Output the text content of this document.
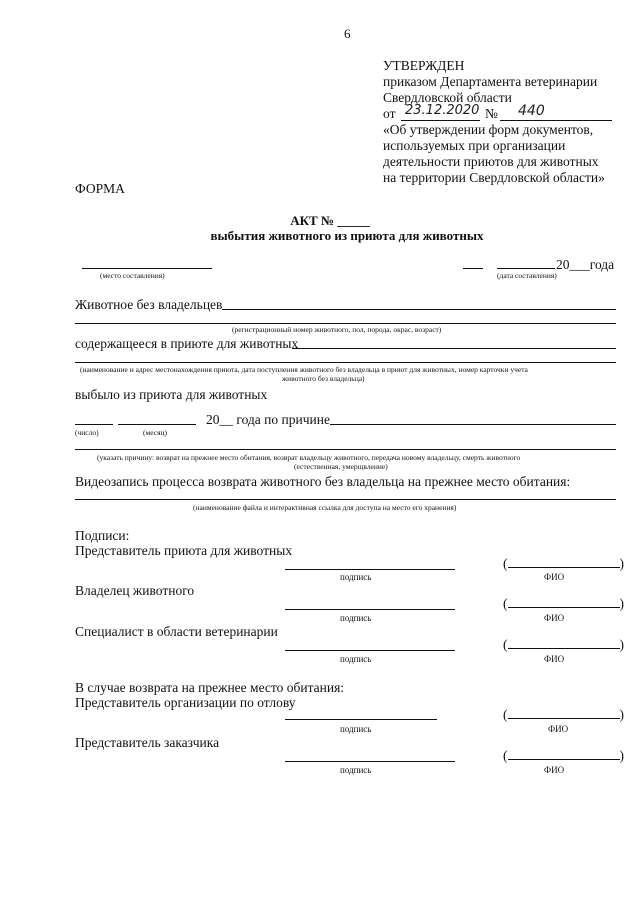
6
УТВЕРЖДЕН
приказом Департамента ветеринарии
Свердловской области
от 23.12.2020 № 440
«Об утверждении форм документов,
используемых при организации
деятельности приютов для животных
на территории Свердловской области»
ФОРМА
АКТ № _____
выбытия животного из приюта для животных
(место составления)
20___года
(дата составления)
Животное без владельцев
(регистрационный номер животного, пол, порода, окрас, возраст)
содержащееся в приюте для животных
(наименование и адрес местонахождения приюта, дата поступления животного без владельца в приют для животных, номер карточки учета
животного без владельца)
выбыло из приюта для животных
20__ года по причине
(число)	(месяц)
(указать причину: возврат на прежнее место обитания, возврат владельцу животного, передача новому владельцу, смерть животного
(естественная, умерщвление)
Видеозапись процесса возврата животного без владельца на прежнее место обитания:
(наименование файла и интерактивная ссылка для доступа на место его хранения)
Подписи:
Представитель приюта для животных
подпись
(	)
ФИО
Владелец животного
подпись
(	)
ФИО
Специалист в области ветеринарии
подпись
(	)
ФИО
В случае возврата на прежнее место обитания:
Представитель организации по отлову
подпись
(	)
ФИО
Представитель заказчика
подпись
(	)
ФИО
